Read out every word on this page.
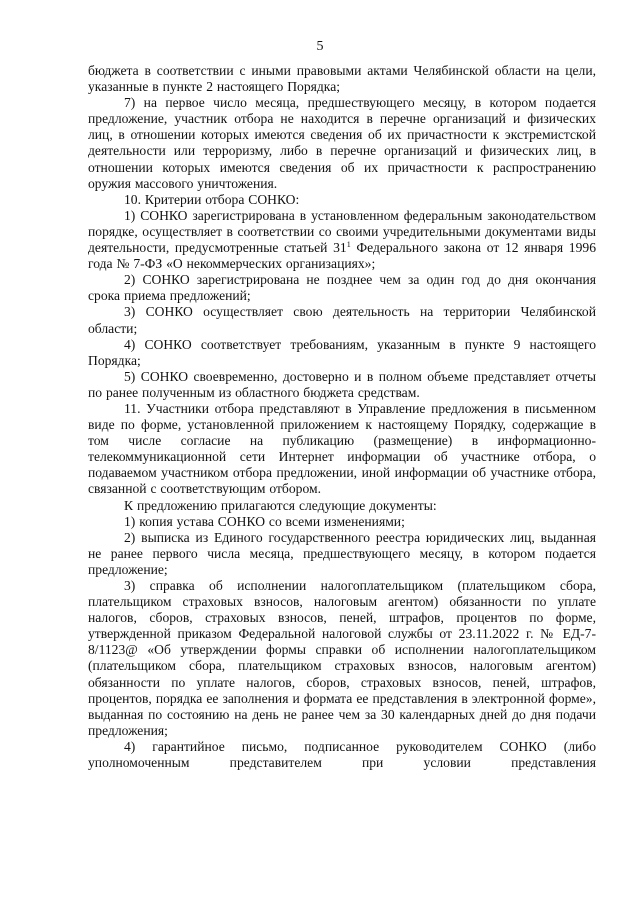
5

бюджета в соответствии с иными правовыми актами Челябинской области на цели, указанные в пункте 2 настоящего Порядка;

7) на первое число месяца, предшествующего месяцу, в котором подается предложение, участник отбора не находится в перечне организаций и физических лиц, в отношении которых имеются сведения об их причастности к экстремистской деятельности или терроризму, либо в перечне организаций и физических лиц, в отношении которых имеются сведения об их причастности к распространению оружия массового уничтожения.

10. Критерии отбора СОНКО:

1) СОНКО зарегистрирована в установленном федеральным законодательством порядке, осуществляет в соответствии со своими учредительными документами виды деятельности, предусмотренные статьей $31^1$ Федерального закона от 12 января 1996 года № 7-ФЗ «О некоммерческих организациях»;

2) СОНКО зарегистрирована не позднее чем за один год до дня окончания срока приема предложений;

3) СОНКО осуществляет свою деятельность на территории Челябинской области;

4) СОНКО соответствует требованиям, указанным в пункте 9 настоящего Порядка;

5) СОНКО своевременно, достоверно и в полном объеме представляет отчеты по ранее полученным из областного бюджета средствам.

11. Участники отбора представляют в Управление предложения в письменном виде по форме, установленной приложением к настоящему Порядку, содержащие в том числе согласие на публикацию (размещение) в информационно-телекоммуникационной сети Интернет информации об участнике отбора, о подаваемом участником отбора предложении, иной информации об участнике отбора, связанной с соответствующим отбором.

К предложению прилагаются следующие документы:

1) копия устава СОНКО со всеми изменениями;

2) выписка из Единого государственного реестра юридических лиц, выданная не ранее первого числа месяца, предшествующего месяцу, в котором подается предложение;

3) справка об исполнении налогоплательщиком (плательщиком сбора, плательщиком страховых взносов, налоговым агентом) обязанности по уплате налогов, сборов, страховых взносов, пеней, штрафов, процентов по форме, утвержденной приказом Федеральной налоговой службы от 23.11.2022 г. № ЕД-7-8/1123@ «Об утверждении формы справки об исполнении налогоплательщиком (плательщиком сбора, плательщиком страховых взносов, налоговым агентом) обязанности по уплате налогов, сборов, страховых взносов, пеней, штрафов, процентов, порядка ее заполнения и формата ее представления в электронной форме», выданная по состоянию на день не ранее чем за 30 календарных дней до дня подачи предложения;

4) гарантийное письмо, подписанное руководителем СОНКО (либо уполномоченным представителем при условии представления
